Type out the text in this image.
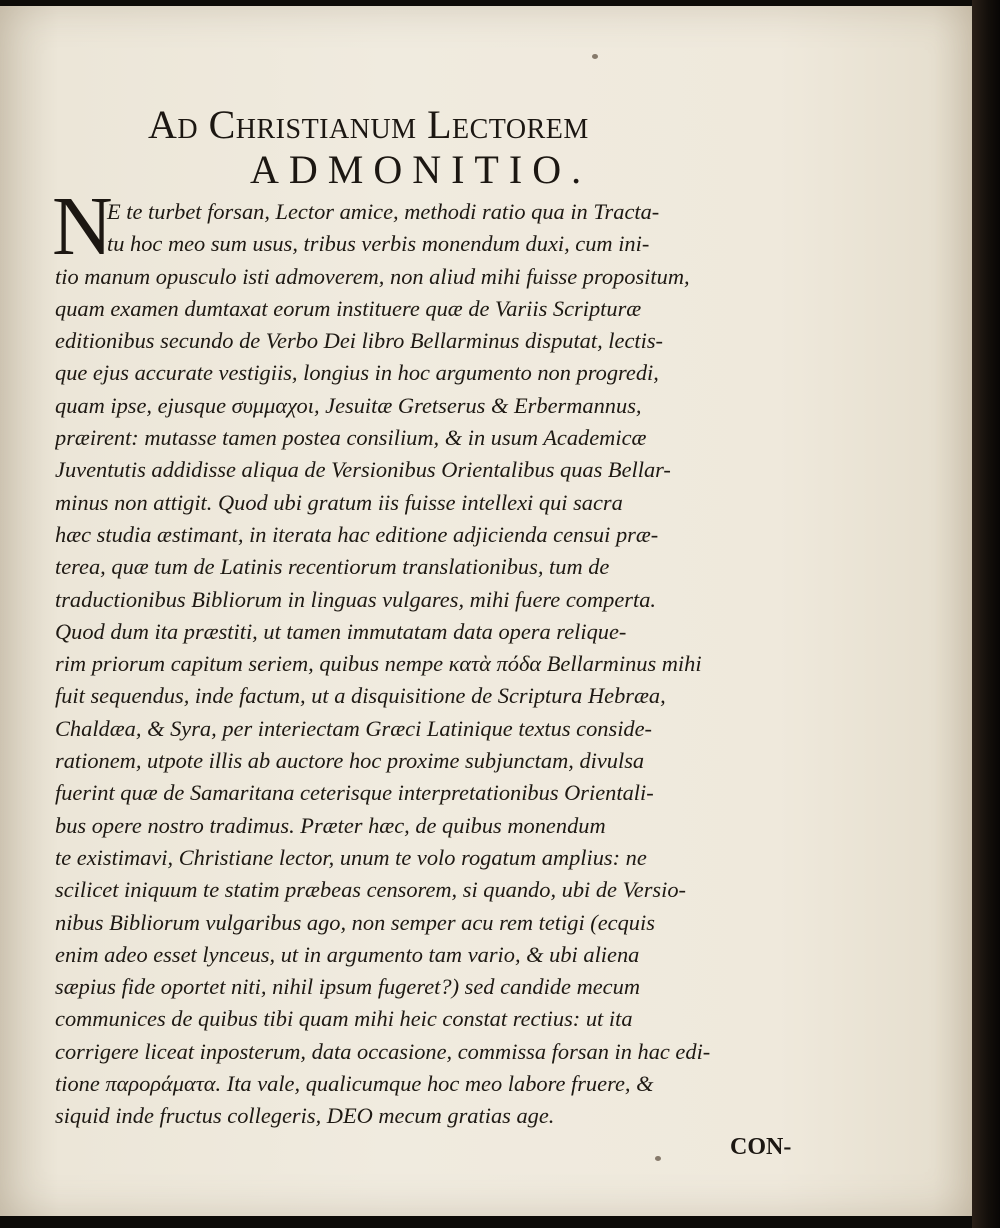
Ad Christianum Lectorem
ADMONITIO.
N
E te turbet forsan, Lector amice, methodi ratio qua in Tracta-
tu hoc meo sum usus, tribus verbis monendum duxi, cum ini-
tio manum opusculo isti admoverem, non aliud mihi fuisse propositum,
quam examen dumtaxat eorum instituere quæ de Variis Scripturæ
editionibus secundo de Verbo Dei libro Bellarminus disputat, lectis-
que ejus accurate vestigiis, longius in hoc argumento non progredi,
quam ipse, ejusque συμμαχοι, Jesuitæ Gretserus & Erbermannus,
præirent: mutasse tamen postea consilium, & in usum Academicæ
Juventutis addidisse aliqua de Versionibus Orientalibus quas Bellar-
minus non attigit. Quod ubi gratum iis fuisse intellexi qui sacra
hæc studia æstimant, in iterata hac editione adjicienda censui præ-
terea, quæ tum de Latinis recentiorum translationibus, tum de
traductionibus Bibliorum in linguas vulgares, mihi fuere comperta.
Quod dum ita præstiti, ut tamen immutatam data opera relique-
rim priorum capitum seriem, quibus nempe κατὰ πόδα Bellarminus mihi
fuit sequendus, inde factum, ut a disquisitione de Scriptura Hebræa,
Chaldæa, & Syra, per interiectam Græci Latinique textus conside-
rationem, utpote illis ab auctore hoc proxime subjunctam, divulsa
fuerint quæ de Samaritana ceterisque interpretationibus Orientali-
bus opere nostro tradimus. Præter hæc, de quibus monendum
te existimavi, Christiane lector, unum te volo rogatum amplius: ne
scilicet iniquum te statim præbeas censorem, si quando, ubi de Versio-
nibus Bibliorum vulgaribus ago, non semper acu rem tetigi (ecquis
enim adeo esset lynceus, ut in argumento tam vario, & ubi aliena
sæpius fide oportet niti, nihil ipsum fugeret?) sed candide mecum
communices de quibus tibi quam mihi heic constat rectius: ut ita
corrigere liceat inposterum, data occasione, commissa forsan in hac edi-
tione παροράματα. Ita vale, qualicumque hoc meo labore fruere, &
siquid inde fructus collegeris, DEO mecum gratias age.
CON-
